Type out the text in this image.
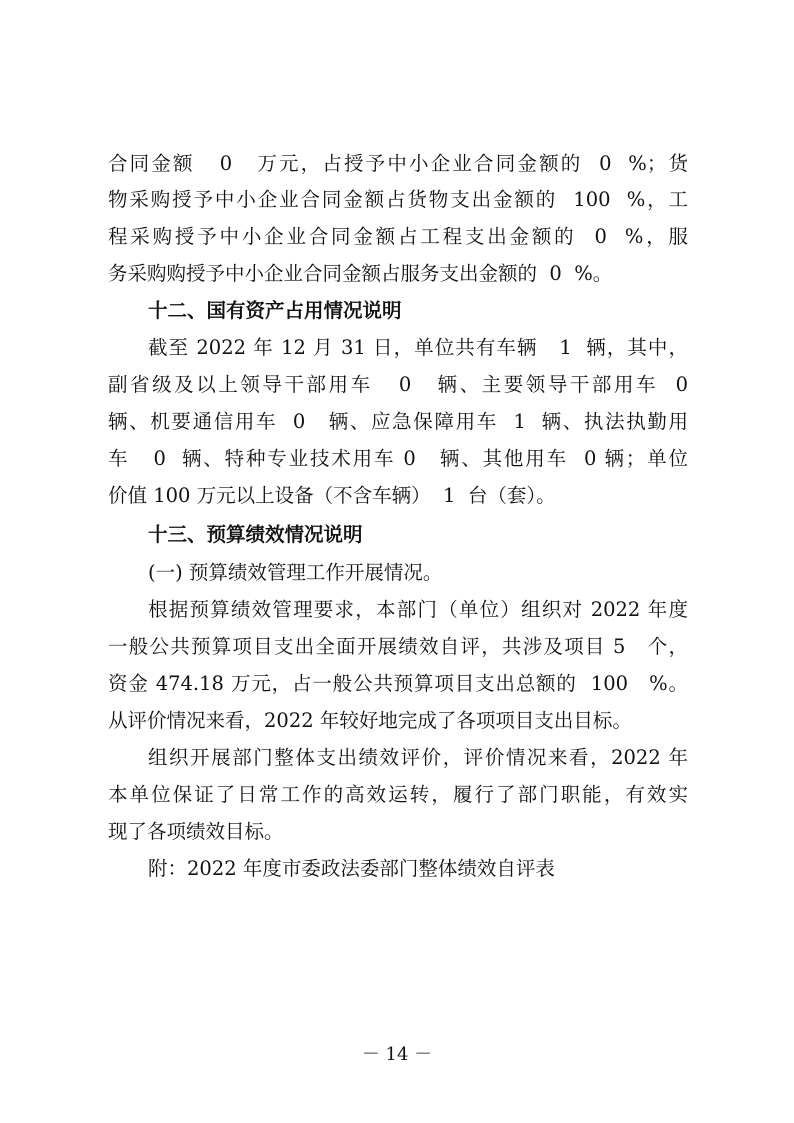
合同金额   0   万元，占授予中小企业合同金额的  0  %；货
物采购授予中小企业合同金额占货物支出金额的  100  %，工
程采购授予中小企业合同金额占工程支出金额的  0  %，服
务采购购授予中小企业合同金额占服务支出金额的  0  %。
十二、国有资产占用情况说明
截至 2022 年 12 月 31 日，单位共有车辆   1  辆，其中，
副省级及以上领导干部用车   0   辆、主要领导干部用车  0
辆、机要通信用车  0   辆、应急保障用车  1  辆、执法执勤用
车   0  辆、特种专业技术用车 0   辆、其他用车  0 辆；单位
价值 100 万元以上设备（不含车辆）  1  台（套）。
十三、预算绩效情况说明
(一) 预算绩效管理工作开展情况。
根据预算绩效管理要求，本部门（单位）组织对 2022 年度
一般公共预算项目支出全面开展绩效自评，共涉及项目 5   个，
资金 474.18 万元，占一般公共预算项目支出总额的  100   %。
从评价情况来看，2022 年较好地完成了各项项目支出目标。
组织开展部门整体支出绩效评价，评价情况来看，2022 年
本单位保证了日常工作的高效运转，履行了部门职能，有效实
现了各项绩效目标。
附：2022 年度市委政法委部门整体绩效自评表
－ 14 －
